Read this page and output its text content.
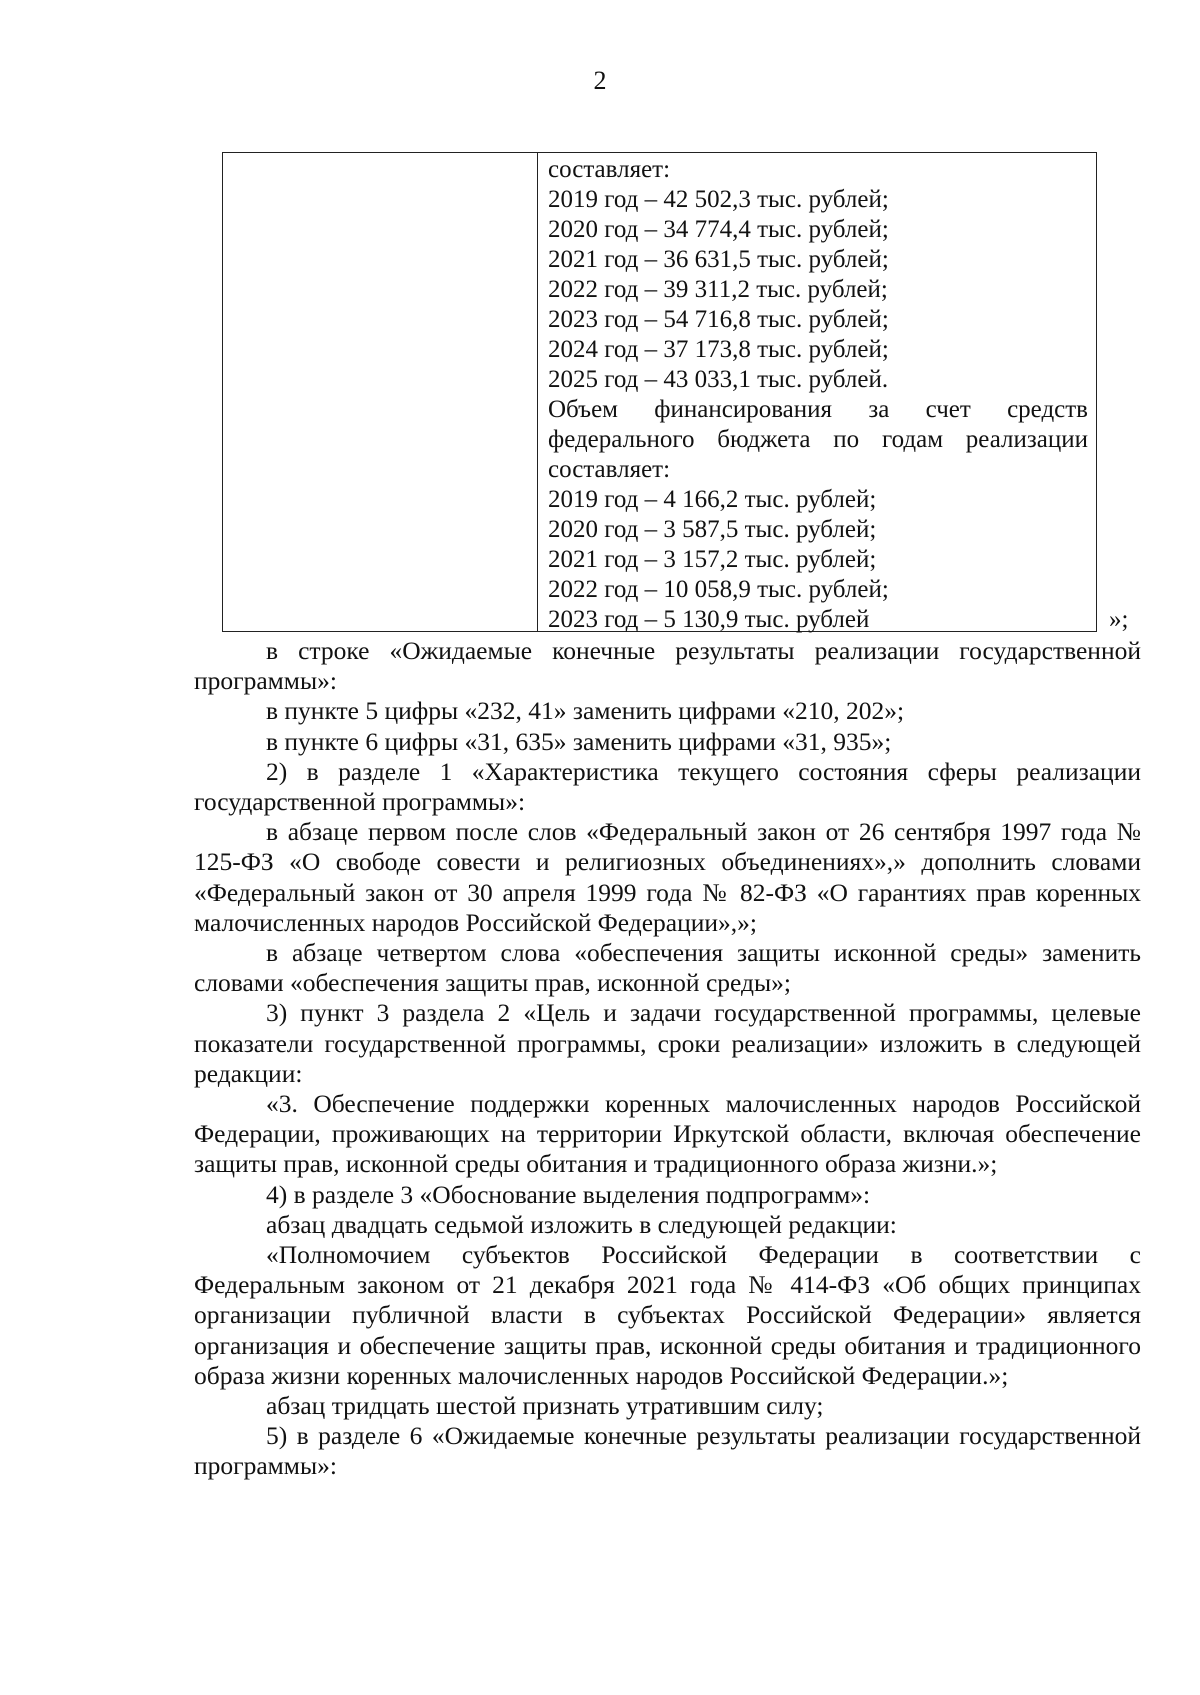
2
составляет:
2019 год – 42 502,3 тыс. рублей;
2020 год – 34 774,4 тыс. рублей;
2021 год – 36 631,5 тыс. рублей;
2022 год – 39 311,2 тыс. рублей;
2023 год – 54 716,8 тыс. рублей;
2024 год – 37 173,8 тыс. рублей;
2025 год – 43 033,1 тыс. рублей.
Объем финансирования за счет средств
федерального бюджета по годам реализации
составляет:
2019 год – 4 166,2 тыс. рублей;
2020 год – 3 587,5 тыс. рублей;
2021 год – 3 157,2 тыс. рублей;
2022 год – 10 058,9 тыс. рублей;
2023 год – 5 130,9 тыс. рублей	»;

в строке «Ожидаемые конечные результаты реализации государственной программы»:

в пункте 5 цифры «232, 41» заменить цифрами «210, 202»;

в пункте 6 цифры «31, 635» заменить цифрами «31, 935»;

2) в разделе 1 «Характеристика текущего состояния сферы реализации государственной программы»:

в абзаце первом после слов «Федеральный закон от 26 сентября 1997 года № 125-ФЗ «О свободе совести и религиозных объединениях»,» дополнить словами «Федеральный закон от 30 апреля 1999 года № 82-ФЗ «О гарантиях прав коренных малочисленных народов Российской Федерации»,»;

в абзаце четвертом слова «обеспечения защиты исконной среды» заменить словами «обеспечения защиты прав, исконной среды»;

3) пункт 3 раздела 2 «Цель и задачи государственной программы, целевые показатели государственной программы, сроки реализации» изложить в следующей редакции:

«3. Обеспечение поддержки коренных малочисленных народов Российской Федерации, проживающих на территории Иркутской области, включая обеспечение защиты прав, исконной среды обитания и традиционного образа жизни.»;

4) в разделе 3 «Обоснование выделения подпрограмм»:

абзац двадцать седьмой изложить в следующей редакции:

«Полномочием субъектов Российской Федерации в соответствии с Федеральным законом от 21 декабря 2021 года № 414-ФЗ «Об общих принципах организации публичной власти в субъектах Российской Федерации» является организация и обеспечение защиты прав, исконной среды обитания и традиционного образа жизни коренных малочисленных народов Российской Федерации.»;

абзац тридцать шестой признать утратившим силу;

5) в разделе 6 «Ожидаемые конечные результаты реализации государственной программы»:
